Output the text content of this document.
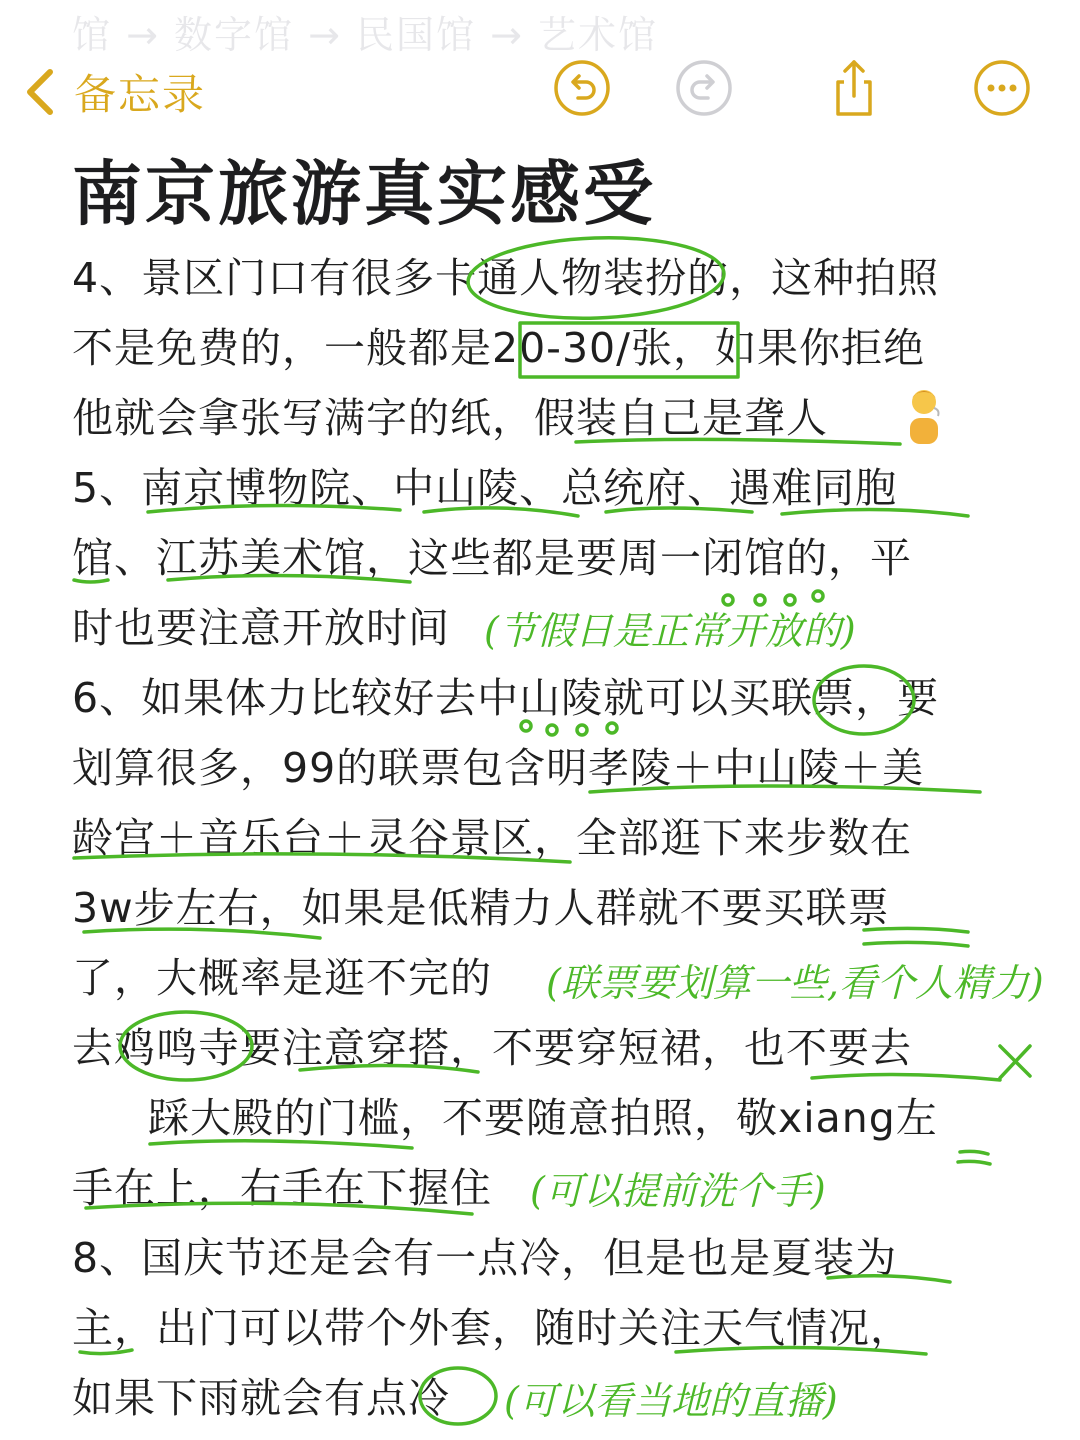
馆 → 数字馆 → 民国馆 → 艺术馆
备忘录
南京旅游真实感受
4、景区门口有很多卡通人物装扮的，这种拍照
不是免费的，一般都是20-30/张，如果你拒绝
他就会拿张写满字的纸，假装自己是聋人
5、南京博物院、中山陵、总统府、遇难同胞
馆、江苏美术馆，这些都是要周一闭馆的，平
时也要注意开放时间
6、如果体力比较好去中山陵就可以买联票，要
划算很多，99的联票包含明孝陵＋中山陵＋美
龄宫＋音乐台＋灵谷景区，全部逛下来步数在
3w步左右，如果是低精力人群就不要买联票
了，大概率是逛不完的
去鸡鸣寺要注意穿搭，不要穿短裙，也不要去
踩大殿的门槛，不要随意拍照，敬xiang左
手在上，右手在下握住
8、国庆节还是会有一点冷，但是也是夏装为
主，出门可以带个外套，随时关注天气情况，
如果下雨就会有点冷
(节假日是正常开放的)
(联票要划算一些,看个人精力)
(可以提前洗个手)
(可以看当地的直播)
